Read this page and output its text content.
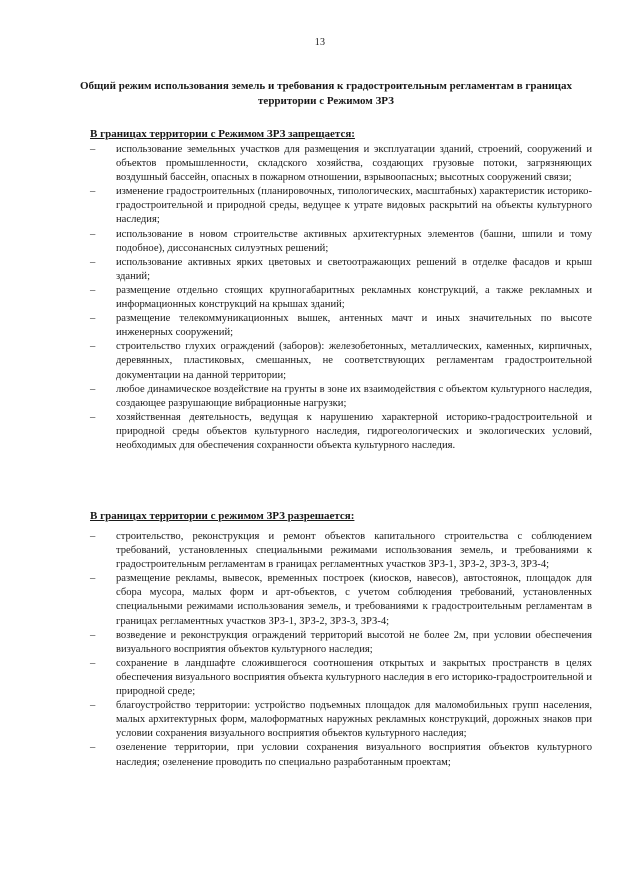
13
Общий режим использования земель и требования к градостроительным регламентам в границах территории с Режимом ЗРЗ
В границах территории с Режимом ЗРЗ запрещается:
– использование земельных участков для размещения и эксплуатации зданий, строений, сооружений и объектов промышленности, складского хозяйства, создающих грузовые потоки, загрязняющих воздушный бассейн, опасных в пожарном отношении, взрывоопасных; высотных сооружений связи;
– изменение градостроительных (планировочных, типологических, масштабных) характеристик историко-градостроительной и природной среды, ведущее к утрате видовых раскрытий на объекты культурного наследия;
– использование в новом строительстве активных архитектурных элементов (башни, шпили и тому подобное), диссонансных силуэтных решений;
– использование активных ярких цветовых и светоотражающих решений в отделке фасадов и крыш зданий;
– размещение отдельно стоящих крупногабаритных рекламных конструкций, а также рекламных и информационных конструкций на крышах зданий;
– размещение телекоммуникационных вышек, антенных мачт и иных значительных по высоте инженерных сооружений;
– строительство глухих ограждений (заборов): железобетонных, металлических, каменных, кирпичных, деревянных, пластиковых, смешанных, не соответствующих регламентам градостроительной документации на данной территории;
– любое динамическое воздействие на грунты в зоне их взаимодействия с объектом культурного наследия, создающее разрушающие вибрационные нагрузки;
– хозяйственная деятельность, ведущая к нарушению характерной историко-градостроительной и природной среды объектов культурного наследия, гидрогеологических и экологических условий, необходимых для обеспечения сохранности объекта культурного наследия.
В границах территории с режимом ЗРЗ разрешается:
– строительство, реконструкция и ремонт объектов капитального строительства с соблюдением требований, установленных специальными режимами использования земель, и требованиями к градостроительным регламентам в границах регламентных участков ЗРЗ-1, ЗРЗ-2, ЗРЗ-3, ЗРЗ-4;
– размещение рекламы, вывесок, временных построек (киосков, навесов), автостоянок, площадок для сбора мусора, малых форм и арт-объектов, с учетом соблюдения требований, установленных специальными режимами использования земель, и требованиями к градостроительным регламентам в границах регламентных участков ЗРЗ-1, ЗРЗ-2, ЗРЗ-3, ЗРЗ-4;
– возведение и реконструкция ограждений территорий высотой не более 2м, при условии обеспечения визуального восприятия объектов культурного наследия;
– сохранение в ландшафте сложившегося соотношения открытых и закрытых пространств в целях обеспечения визуального восприятия объекта культурного наследия в его историко-градостроительной и природной среде;
– благоустройство территории: устройство подъемных площадок для маломобильных групп населения, малых архитектурных форм, малоформатных наружных рекламных конструкций, дорожных знаков при условии сохранения визуального восприятия объектов культурного наследия;
– озеленение территории, при условии сохранения визуального восприятия объектов культурного наследия; озеленение проводить по специально разработанным проектам;
